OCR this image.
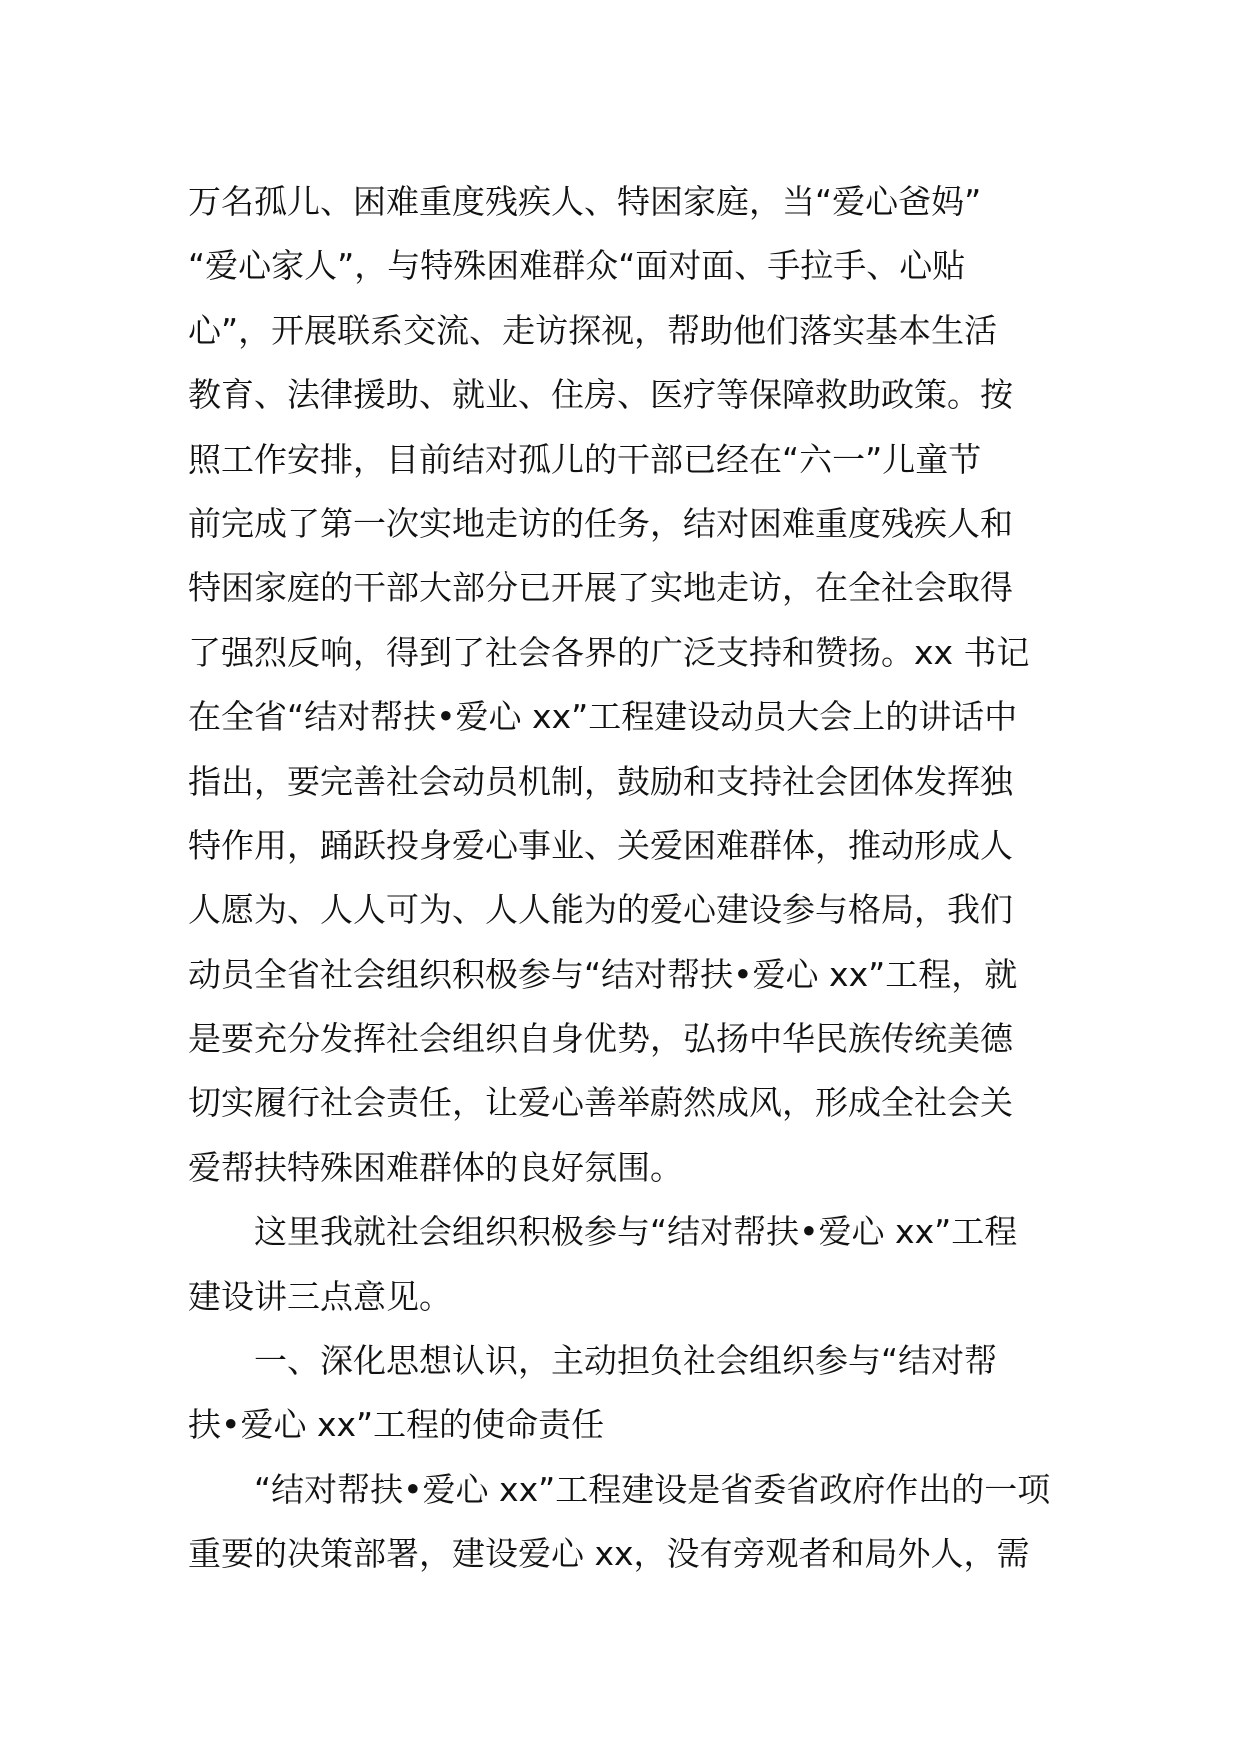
万名孤儿、困难重度残疾人、特困家庭，当“爱心爸妈”
“爱心家人”，与特殊困难群众“面对面、手拉手、心贴
心”，开展联系交流、走访探视，帮助他们落实基本生活
教育、法律援助、就业、住房、医疗等保障救助政策。按
照工作安排，目前结对孤儿的干部已经在“六一”儿童节
前完成了第一次实地走访的任务，结对困难重度残疾人和
特困家庭的干部大部分已开展了实地走访，在全社会取得
了强烈反响，得到了社会各界的广泛支持和赞扬。xx 书记
在全省“结对帮扶•爱心 xx”工程建设动员大会上的讲话中
指出，要完善社会动员机制，鼓励和支持社会团体发挥独
特作用，踊跃投身爱心事业、关爱困难群体，推动形成人
人愿为、人人可为、人人能为的爱心建设参与格局，我们
动员全省社会组织积极参与“结对帮扶•爱心 xx”工程，就
是要充分发挥社会组织自身优势，弘扬中华民族传统美德
切实履行社会责任，让爱心善举蔚然成风，形成全社会关
爱帮扶特殊困难群体的良好氛围。
这里我就社会组织积极参与“结对帮扶•爱心 xx”工程
建设讲三点意见。
一、深化思想认识，主动担负社会组织参与“结对帮
扶•爱心 xx”工程的使命责任
“结对帮扶•爱心 xx”工程建设是省委省政府作出的一项
重要的决策部署，建设爱心 xx，没有旁观者和局外人，需
